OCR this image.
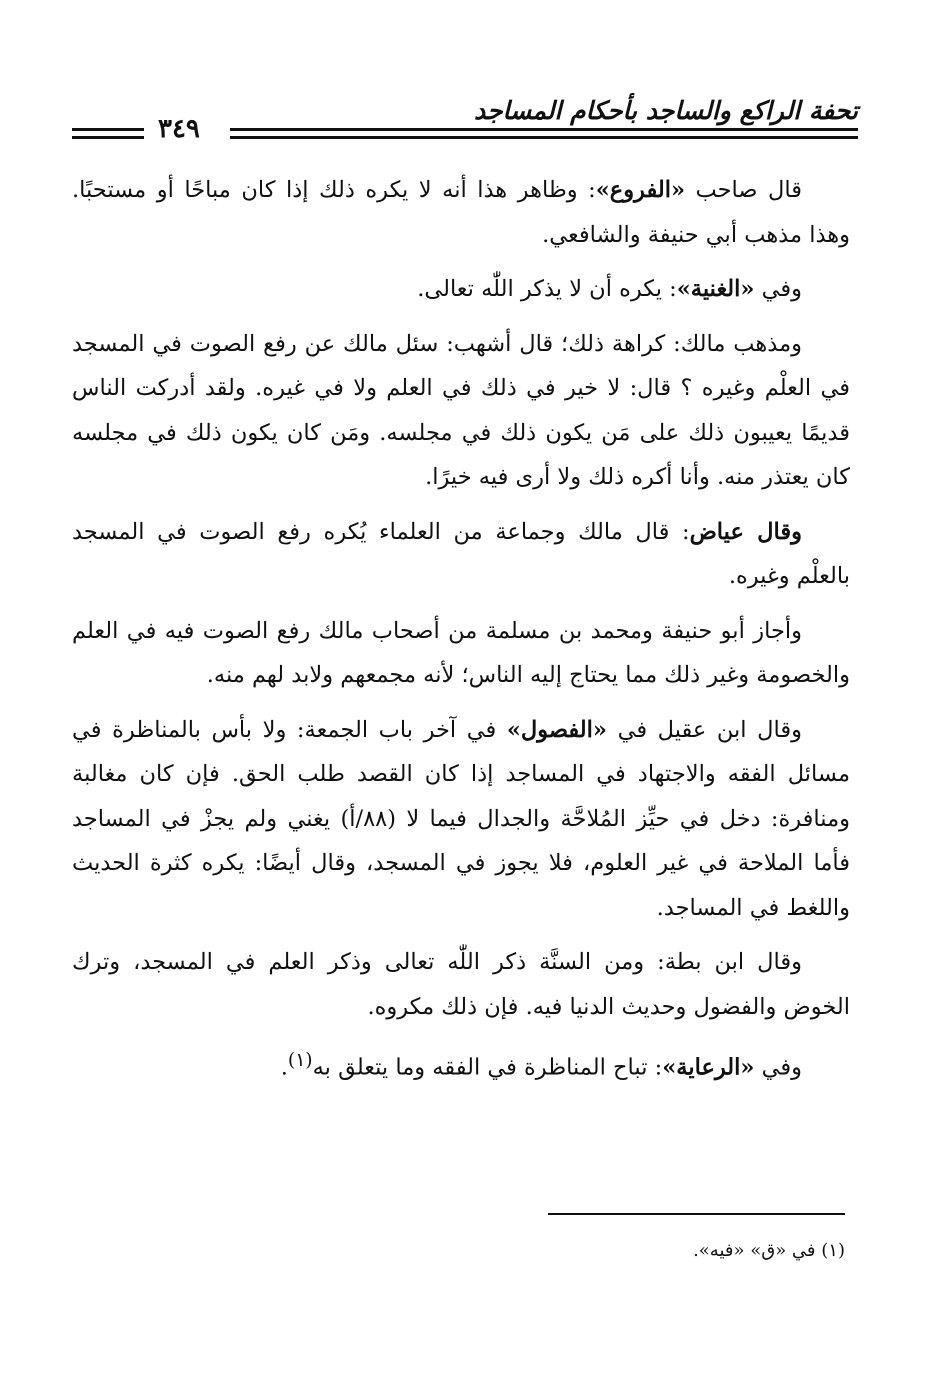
تحفة الراكع والساجد بأحكام المساجد
٣٤٩

قال صاحب «الفروع»: وظاهر هذا أنه لا يكره ذلك إذا كان مباحًا أو مستحبًا. وهذا مذهب أبي حنيفة والشافعي.

وفي «الغنية»: يكره أن لا يذكر اللّٰه تعالى.

ومذهب مالك: كراهة ذلك؛ قال أشهب: سئل مالك عن رفع الصوت في المسجد في العلْم وغيره ؟ قال: لا خير في ذلك في العلم ولا في غيره. ولقد أدركت الناس قديمًا يعيبون ذلك على مَن يكون ذلك في مجلسه. ومَن كان يكون ذلك في مجلسه كان يعتذر منه. وأنا أكره ذلك ولا أرى فيه خيرًا.

وقال عياض: قال مالك وجماعة من العلماء يُكره رفع الصوت في المسجد بالعلْم وغيره.

وأجاز أبو حنيفة ومحمد بن مسلمة من أصحاب مالك رفع الصوت فيه في العلم والخصومة وغير ذلك مما يحتاج إليه الناس؛ لأنه مجمعهم ولابد لهم منه.

وقال ابن عقيل في «الفصول» في آخر باب الجمعة: ولا بأس بالمناظرة في مسائل الفقه والاجتهاد في المساجد إذا كان القصد طلب الحق. فإن كان مغالبة ومنافرة: دخل في حيِّز المُلاحَّة والجدال فيما لا (٨٨/أ) يغني ولم يجزْ في المساجد فأما الملاحة في غير العلوم، فلا يجوز في المسجد، وقال أيضًا: يكره كثرة الحديث واللغط في المساجد.

وقال ابن بطة: ومن السنَّة ذكر اللّٰه تعالى وذكر العلم في المسجد، وترك الخوض والفضول وحديث الدنيا فيه. فإن ذلك مكروه.

وفي «الرعاية»: تباح المناظرة في الفقه وما يتعلق به$^{(١)}$.

(١) في «ق» «فيه».
